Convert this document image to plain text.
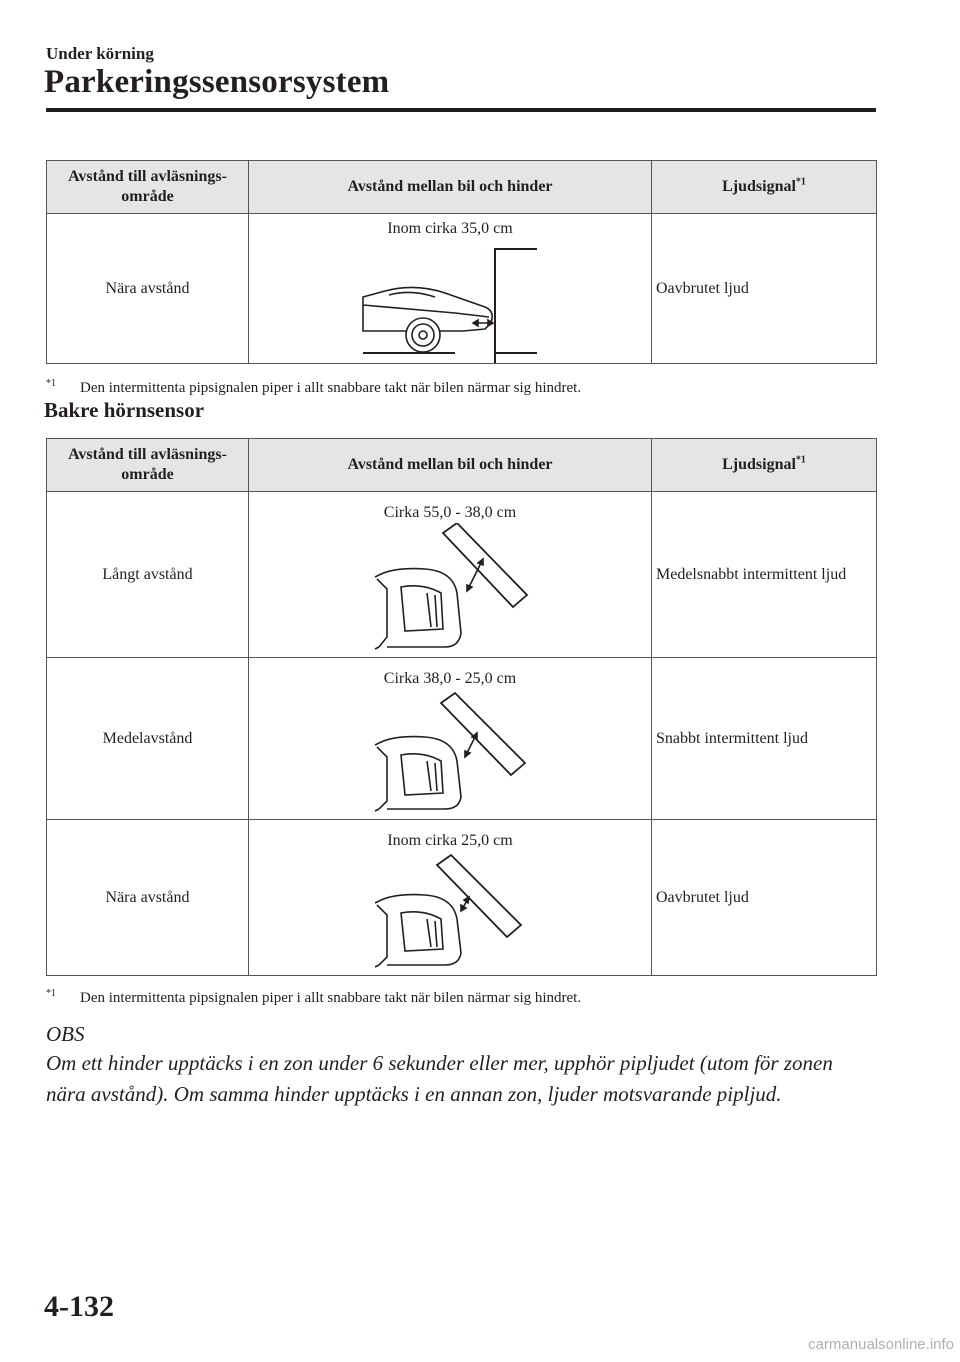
Under körning
Parkeringssensorsystem
Avstånd till avläsnings-
område	Avstånd mellan bil och hinder	Ljudsignal$^{*1}$
Nära avstånd	Inom cirka 35,0 cm	Oavbrutet ljud
$^{*1}$ Den intermittenta pipsignalen piper i allt snabbare takt när bilen närmar sig hindret.
Bakre hörnsensor
Avstånd till avläsnings-
område	Avstånd mellan bil och hinder	Ljudsignal$^{*1}$
Långt avstånd	Cirka 55,0 - 38,0 cm	Medelsnabbt intermittent ljud
Medelavstånd	Cirka 38,0 - 25,0 cm	Snabbt intermittent ljud
Nära avstånd	Inom cirka 25,0 cm	Oavbrutet ljud
$^{*1}$ Den intermittenta pipsignalen piper i allt snabbare takt när bilen närmar sig hindret.
OBS
Om ett hinder upptäcks i en zon under 6 sekunder eller mer, upphör pipljudet (utom för zonen nära avstånd). Om samma hinder upptäcks i en annan zon, ljuder motsvarande pipljud.
4-132
carmanualsonline.info
